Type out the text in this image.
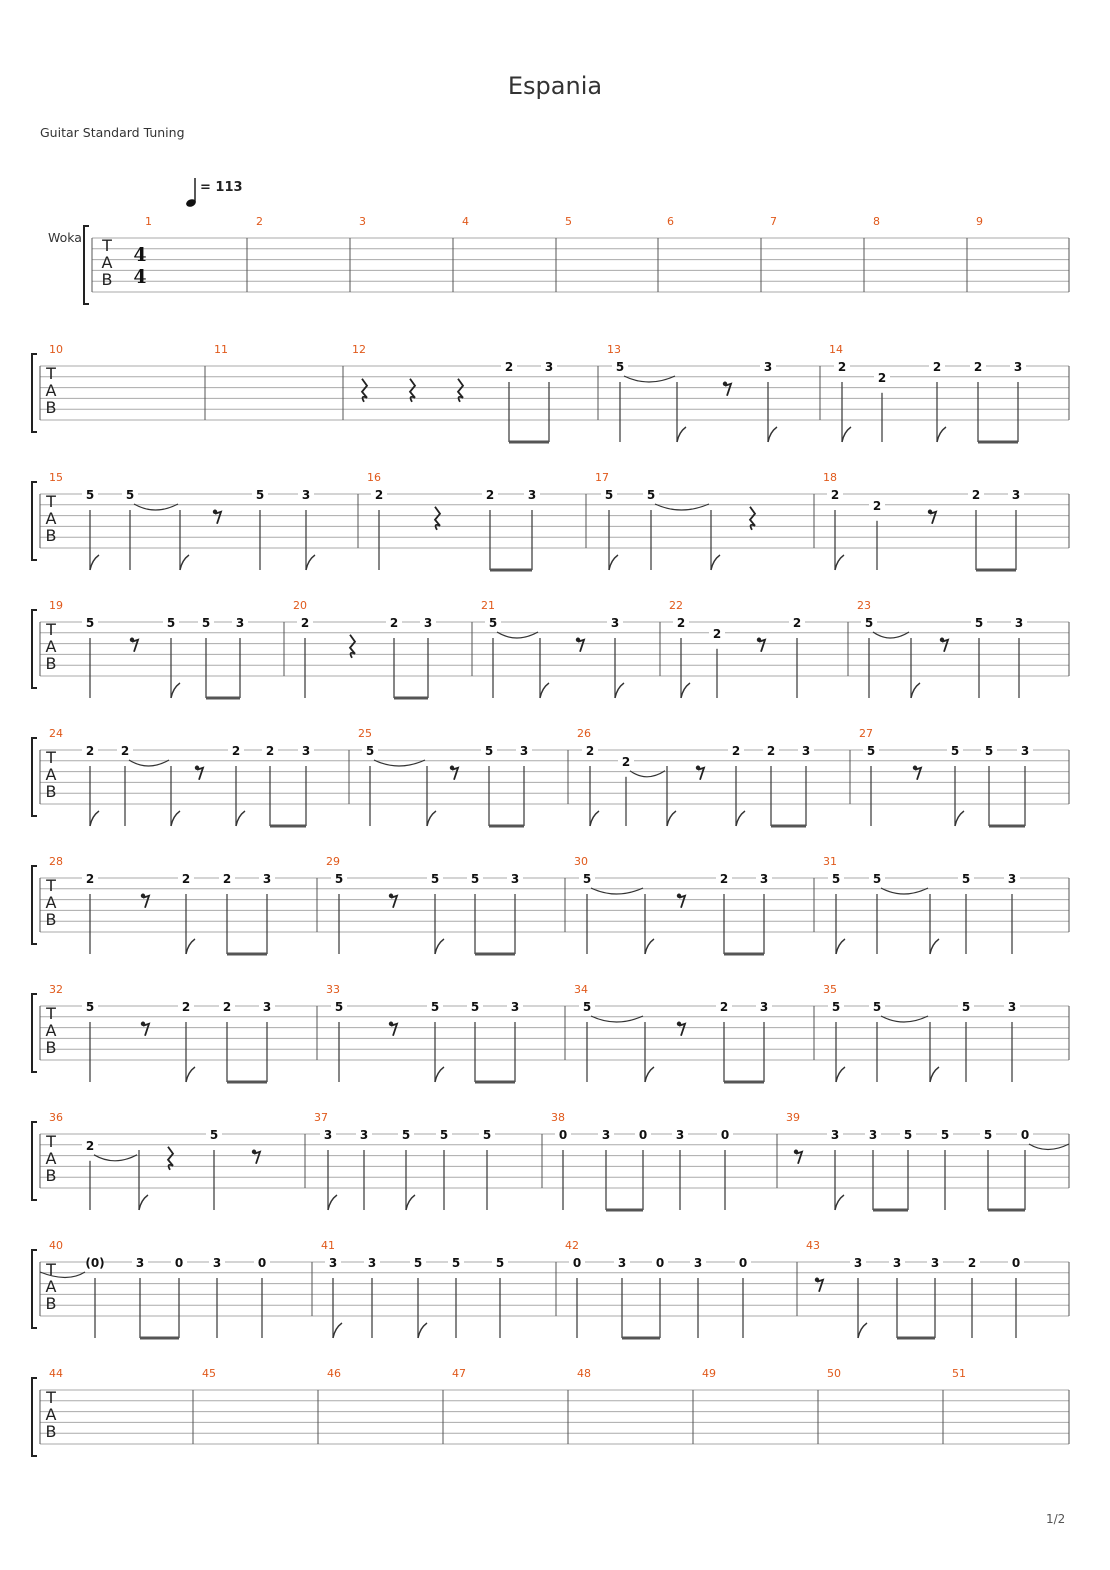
Espania
Guitar Standard Tuning
= 113
Wokal T
A
B
4
4
1	2	3	4	5	6	7	8	9
T
A
B
10	11	12
2	3
13
5	3
14
2
2
2	2	3
T
A
B
15
5	5	5	3
16
2	2	3
17
5	5
18
2
2
2	3
T
A
B
19
5	5 5 3
20
2	2 3
21
5	3
22
2
2
2
23
5	5	3
T
A
B
24
2 2	2 2 3
25
5	5 3
26
2
2
2 2 3
27
5	5 5 3
T
A
B
28
2	2	2	3
29
5	5	5	3
30
5	2	3
31
5	5	5	3
T
A
B
32
5	2	2	3
33
5	5	5	3
34
5	2	3
35
5	5	5	3
T
A
B
36
2
5
37
3 3	5 5	5
38
0	3 0 3	0
39
3 3 5 5	5 0
T
A
B
40
(0)	3	0 3	0
41
3	3	5 5	5
42
0	3 0 3	0
43
3	3 3 2	0
T
A
B
44	45	46	47	48	49	50	51
1/2
